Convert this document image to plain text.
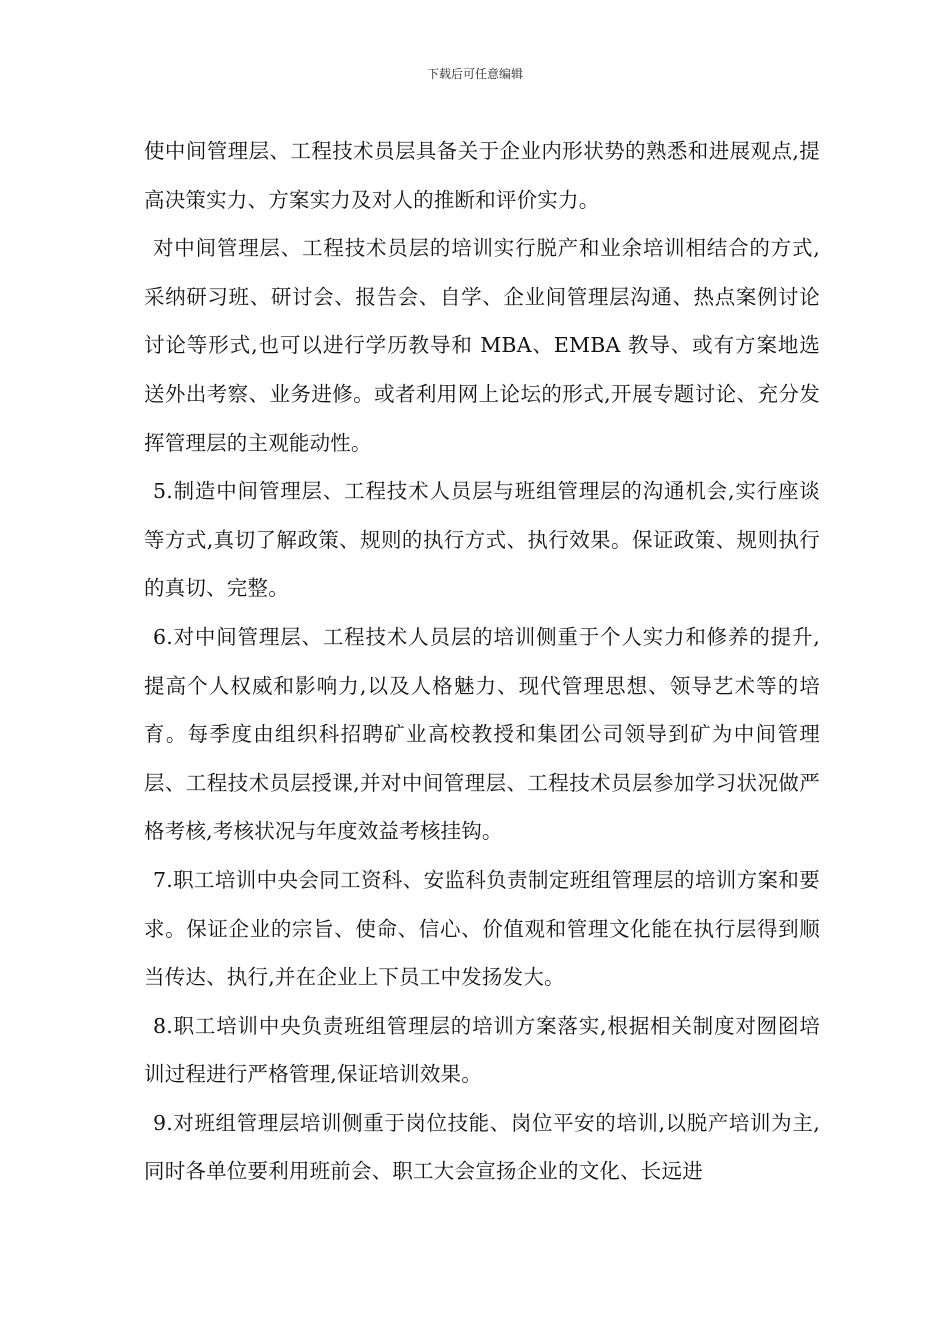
下载后可任意编辑

使中间管理层、工程技术员层具备关于企业内形状势的熟悉和进展观点,提高决策实力、方案实力及对人的推断和评价实力。

对中间管理层、工程技术员层的培训实行脱产和业余培训相结合的方式,采纳研习班、研讨会、报告会、自学、企业间管理层沟通、热点案例讨论讨论等形式,也可以进行学历教导和 MBA、EMBA 教导、或有方案地选送外出考察、业务进修。或者利用网上论坛的形式,开展专题讨论、充分发挥管理层的主观能动性。

5.制造中间管理层、工程技术人员层与班组管理层的沟通机会,实行座谈等方式,真切了解政策、规则的执行方式、执行效果。保证政策、规则执行的真切、完整。

6.对中间管理层、工程技术人员层的培训侧重于个人实力和修养的提升,提高个人权威和影响力,以及人格魅力、现代管理思想、领导艺术等的培育。每季度由组织科招聘矿业高校教授和集团公司领导到矿为中间管理层、工程技术员层授课,并对中间管理层、工程技术员层参加学习状况做严格考核,考核状况与年度效益考核挂钩。

7.职工培训中央会同工资科、安监科负责制定班组管理层的培训方案和要求。保证企业的宗旨、使命、信心、价值观和管理文化能在执行层得到顺当传达、执行,并在企业上下员工中发扬发大。

8.职工培训中央负责班组管理层的培训方案落实,根据相关制度对囫囵培训过程进行严格管理,保证培训效果。

9.对班组管理层培训侧重于岗位技能、岗位平安的培训,以脱产培训为主,同时各单位要利用班前会、职工大会宣扬企业的文化、长远进
